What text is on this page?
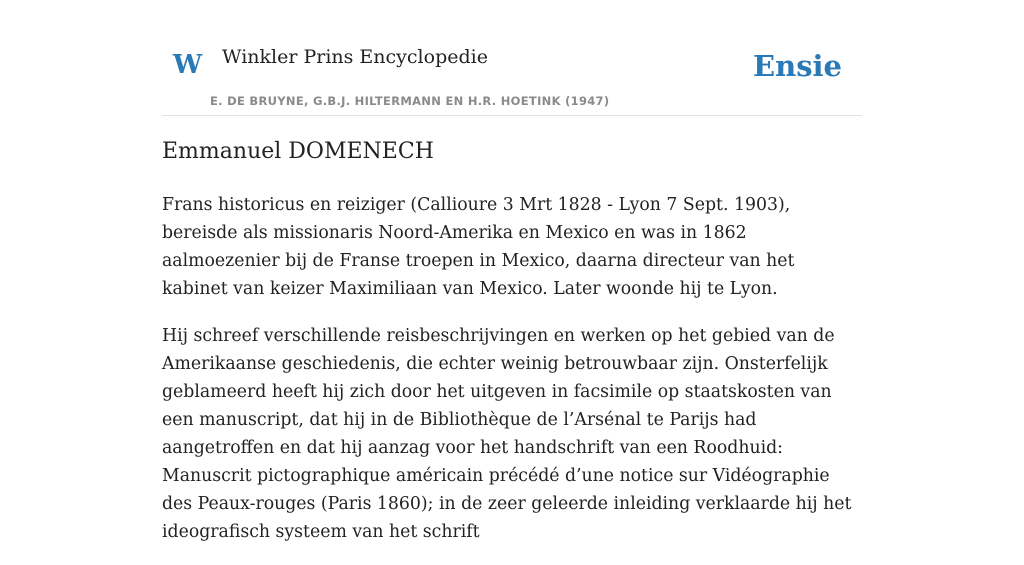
W Winkler Prins Encyclopedie
E. DE BRUYNE, G.B.J. HILTERMANN EN H.R. HOETINK (1947)
Ensie
Emmanuel DOMENECH

Frans historicus en reiziger (Callioure 3 Mrt 1828 - Lyon 7 Sept. 1903), bereisde als missionaris Noord-Amerika en Mexico en was in 1862 aalmoezenier bij de Franse troepen in Mexico, daarna directeur van het kabinet van keizer Maximiliaan van Mexico. Later woonde hij te Lyon.

Hij schreef verschillende reisbeschrijvingen en werken op het gebied van de Amerikaanse geschiedenis, die echter weinig betrouwbaar zijn. Onsterfelijk geblameerd heeft hij zich door het uitgeven in facsimile op staatskosten van een manuscript, dat hij in de Bibliothèque de l’Arsénal te Parijs had aangetroffen en dat hij aanzag voor het handschrift van een Roodhuid: Manuscrit pictographique américain précédé d’une notice sur Vidéographie des Peaux-rouges (Paris 1860); in de zeer geleerde inleiding verklaarde hij het ideografisch systeem van het schrift
